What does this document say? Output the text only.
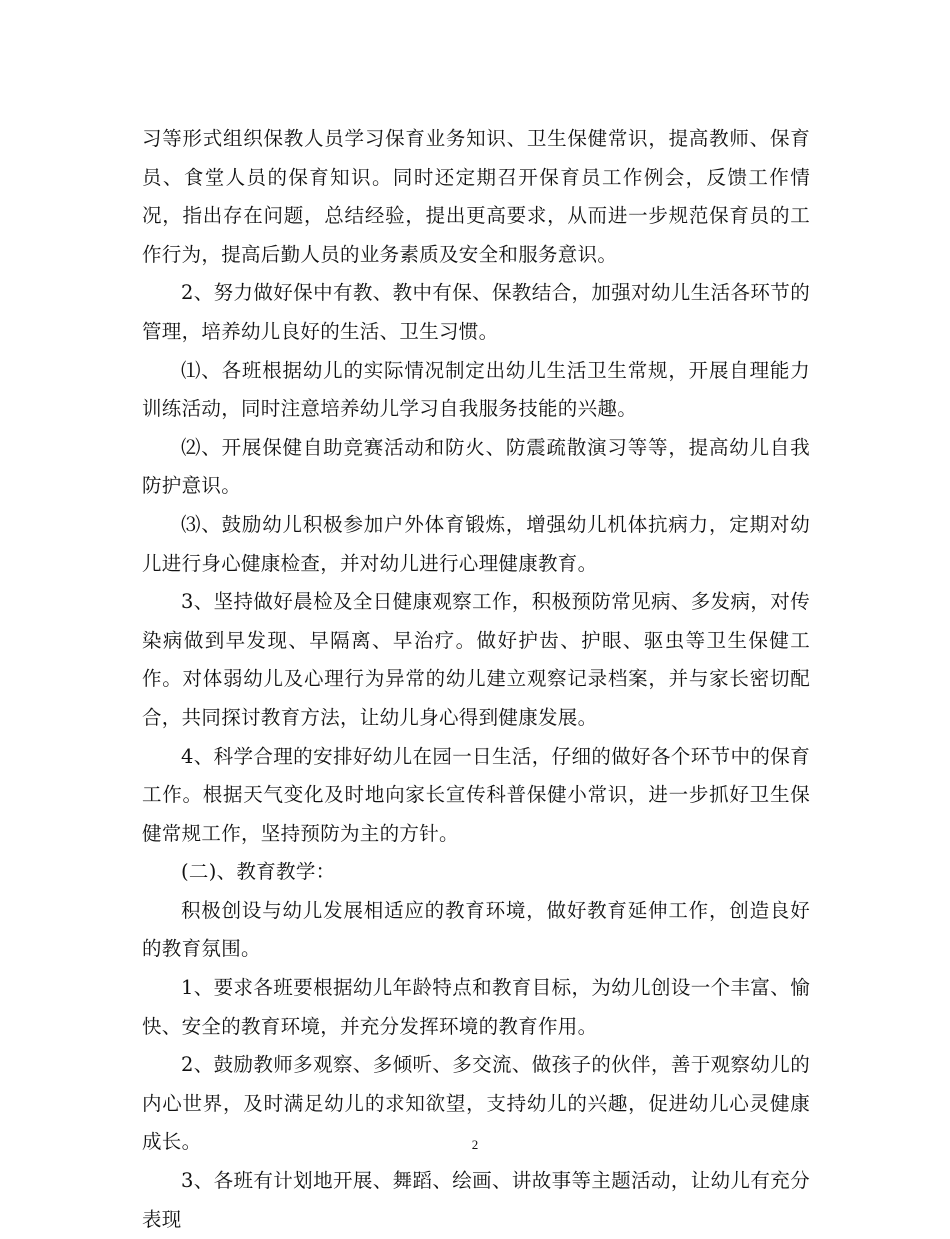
习等形式组织保教人员学习保育业务知识、卫生保健常识，提高教师、保育员、食堂人员的保育知识。同时还定期召开保育员工作例会，反馈工作情况，指出存在问题，总结经验，提出更高要求，从而进一步规范保育员的工作行为，提高后勤人员的业务素质及安全和服务意识。

2、努力做好保中有教、教中有保、保教结合，加强对幼儿生活各环节的管理，培养幼儿良好的生活、卫生习惯。

⑴、各班根据幼儿的实际情况制定出幼儿生活卫生常规，开展自理能力训练活动，同时注意培养幼儿学习自我服务技能的兴趣。

⑵、开展保健自助竞赛活动和防火、防震疏散演习等等，提高幼儿自我防护意识。

⑶、鼓励幼儿积极参加户外体育锻炼，增强幼儿机体抗病力，定期对幼儿进行身心健康检查，并对幼儿进行心理健康教育。

3、坚持做好晨检及全日健康观察工作，积极预防常见病、多发病，对传染病做到早发现、早隔离、早治疗。做好护齿、护眼、驱虫等卫生保健工作。对体弱幼儿及心理行为异常的幼儿建立观察记录档案，并与家长密切配合，共同探讨教育方法，让幼儿身心得到健康发展。

4、科学合理的安排好幼儿在园一日生活，仔细的做好各个环节中的保育工作。根据天气变化及时地向家长宣传科普保健小常识，进一步抓好卫生保健常规工作，坚持预防为主的方针。

(二)、教育教学：

积极创设与幼儿发展相适应的教育环境，做好教育延伸工作，创造良好的教育氛围。

1、要求各班要根据幼儿年龄特点和教育目标，为幼儿创设一个丰富、愉快、安全的教育环境，并充分发挥环境的教育作用。

2、鼓励教师多观察、多倾听、多交流、做孩子的伙伴，善于观察幼儿的内心世界，及时满足幼儿的求知欲望，支持幼儿的兴趣，促进幼儿心灵健康成长。

3、各班有计划地开展、舞蹈、绘画、讲故事等主题活动，让幼儿有充分表现

2
